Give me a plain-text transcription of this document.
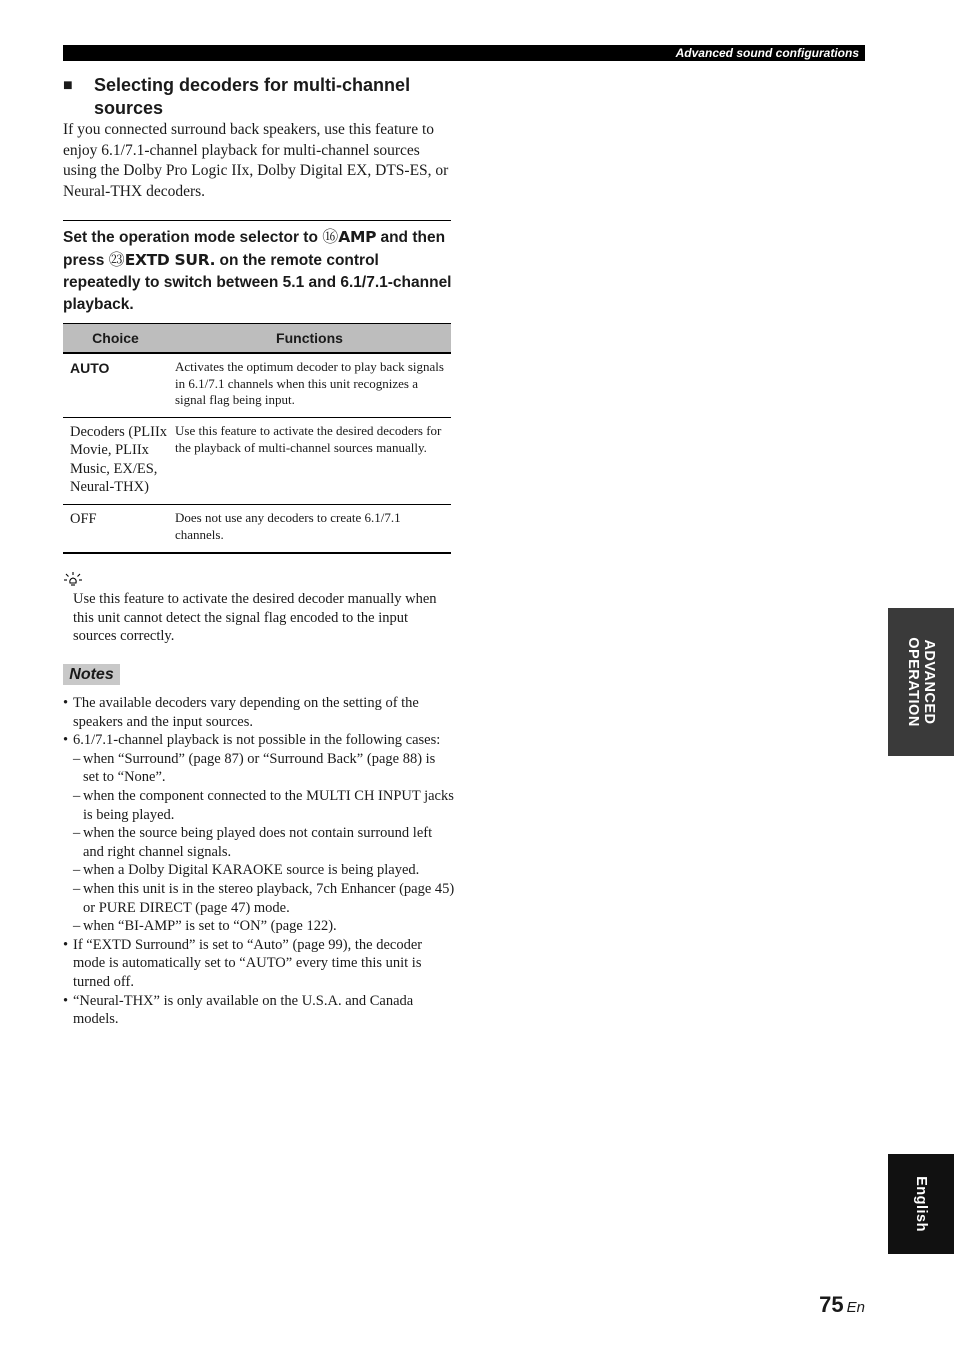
Advanced sound configurations
■ Selecting decoders for multi-channel sources
If you connected surround back speakers, use this feature to enjoy 6.1/7.1-channel playback for multi-channel sources using the Dolby Pro Logic IIx, Dolby Digital EX, DTS-ES, or Neural-THX decoders.
Set the operation mode selector to ⑯AMP and then press ㉓EXTD SUR. on the remote control repeatedly to switch between 5.1 and 6.1/7.1-channel playback.
Choice	Functions
AUTO	Activates the optimum decoder to play back signals in 6.1/7.1 channels when this unit recognizes a signal flag being input.
Decoders (PLIIx Movie, PLIIx Music, EX/ES, Neural-THX)	Use this feature to activate the desired decoders for the playback of multi-channel sources manually.
OFF	Does not use any decoders to create 6.1/7.1 channels.
Use this feature to activate the desired decoder manually when this unit cannot detect the signal flag encoded to the input sources correctly.
Notes
• The available decoders vary depending on the setting of the speakers and the input sources.
• 6.1/7.1-channel playback is not possible in the following cases:
– when “Surround” (page 87) or “Surround Back” (page 88) is set to “None”.
– when the component connected to the MULTI CH INPUT jacks is being played.
– when the source being played does not contain surround left and right channel signals.
– when a Dolby Digital KARAOKE source is being played.
– when this unit is in the stereo playback, 7ch Enhancer (page 45) or PURE DIRECT (page 47) mode.
– when “BI-AMP” is set to “ON” (page 122).
• If “EXTD Surround” is set to “Auto” (page 99), the decoder mode is automatically set to “AUTO” every time this unit is turned off.
• “Neural-THX” is only available on the U.S.A. and Canada models.
ADVANCED
OPERATION
English
75 En
